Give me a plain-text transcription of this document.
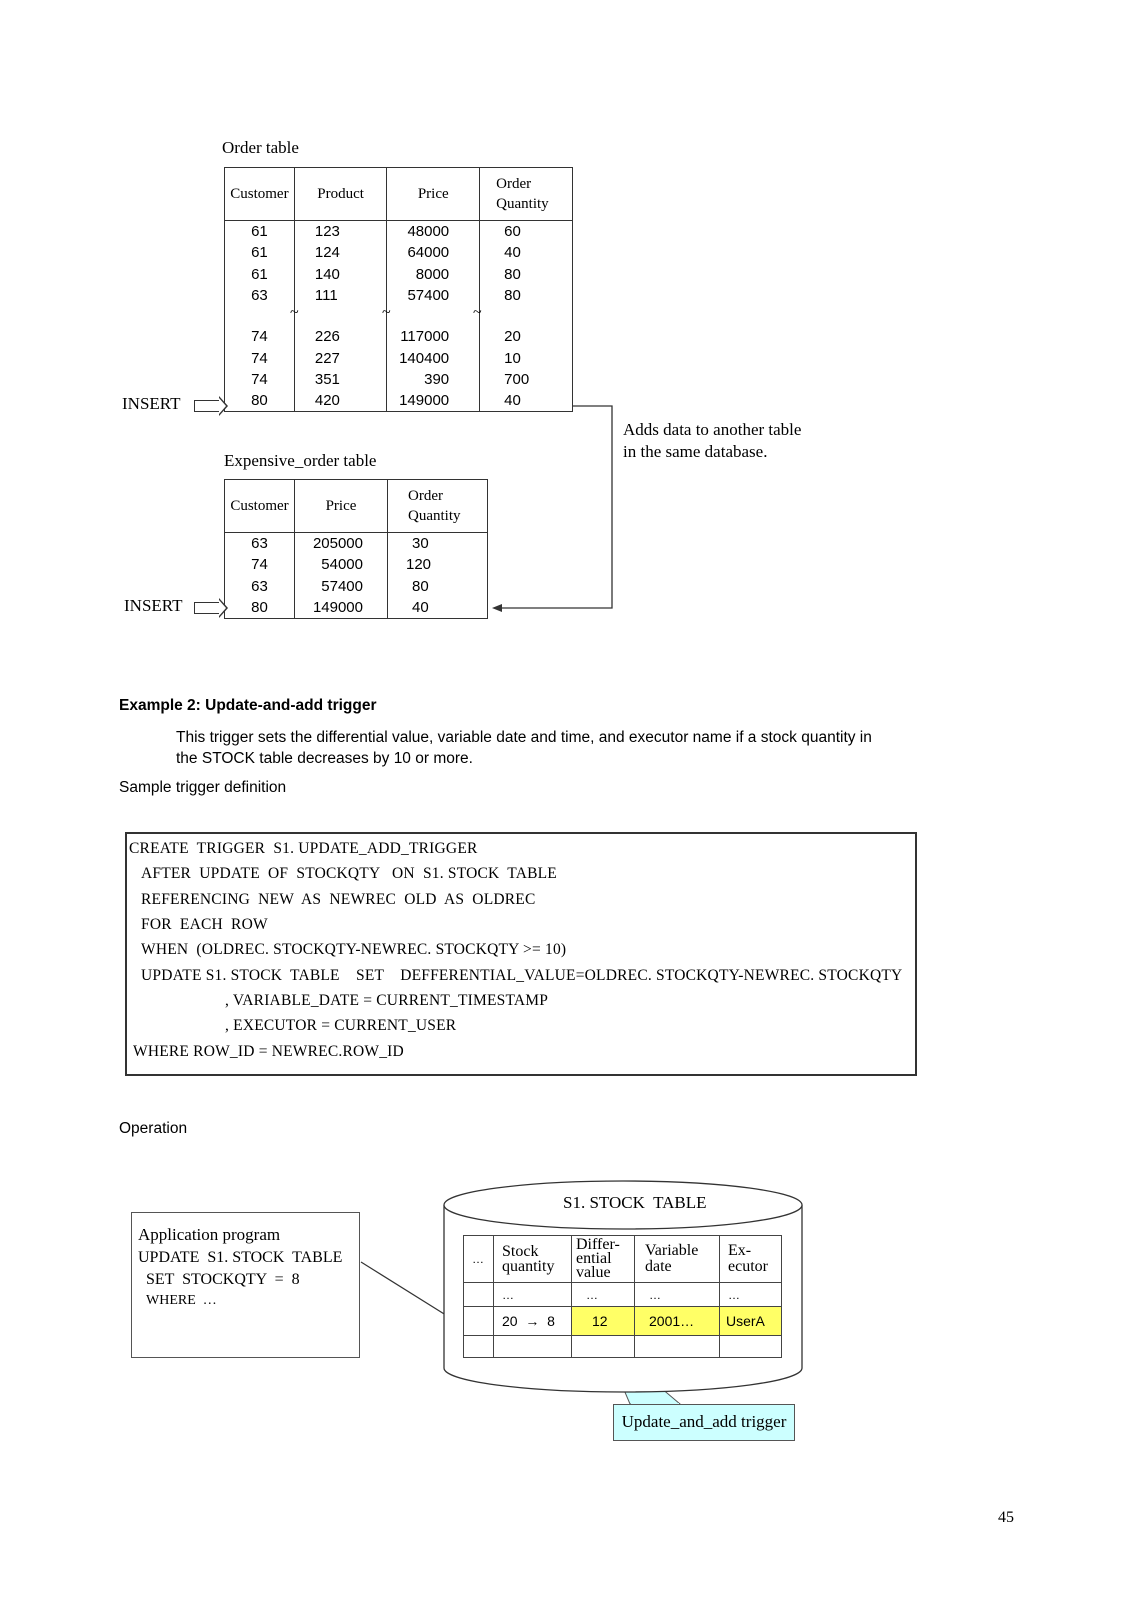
Order table
Customer	Product	Price	Order Quantity

61	123	48000	60
61	124	64000	40
61	140	8000	80
63	111	57400	80

74	226	117000	20
74	227	140400	10
74	351	390	700
80	420	149000	40
~	~	~
INSERT
Adds data to another table
in the same database.
Expensive_order table
Customer	Price	Order Quantity

63	205000	30
74	54000	120
63	57400	80
80	149000	40
INSERT
Example 2: Update-and-add trigger
This trigger sets the differential value, variable date and time, and executor name if a stock quantity in
the STOCK table decreases by 10 or more.
Sample trigger definition
CREATE  TRIGGER  S1. UPDATE_ADD_TRIGGER
AFTER  UPDATE  OF  STOCKQTY   ON  S1. STOCK  TABLE
REFERENCING  NEW  AS  NEWREC  OLD  AS  OLDREC
FOR  EACH  ROW
WHEN  (OLDREC. STOCKQTY-NEWREC. STOCKQTY >= 10)
UPDATE S1. STOCK  TABLE    SET    DEFFERENTIAL_VALUE=OLDREC. STOCKQTY-NEWREC. STOCKQTY
, VARIABLE_DATE = CURRENT_TIMESTAMP
, EXECUTOR = CURRENT_USER
WHERE ROW_ID = NEWREC.ROW_ID
Operation
Application program
UPDATE  S1. STOCK  TABLE
SET  STOCKQTY  =  8
WHERE  …
S1. STOCK  TABLE
…	Stock quantity	Differ- ential value	Variable date	Ex- ecutor

	…	…	…	…
	20  →  8	12	2001…	UserA

Update_and_add trigger
45
